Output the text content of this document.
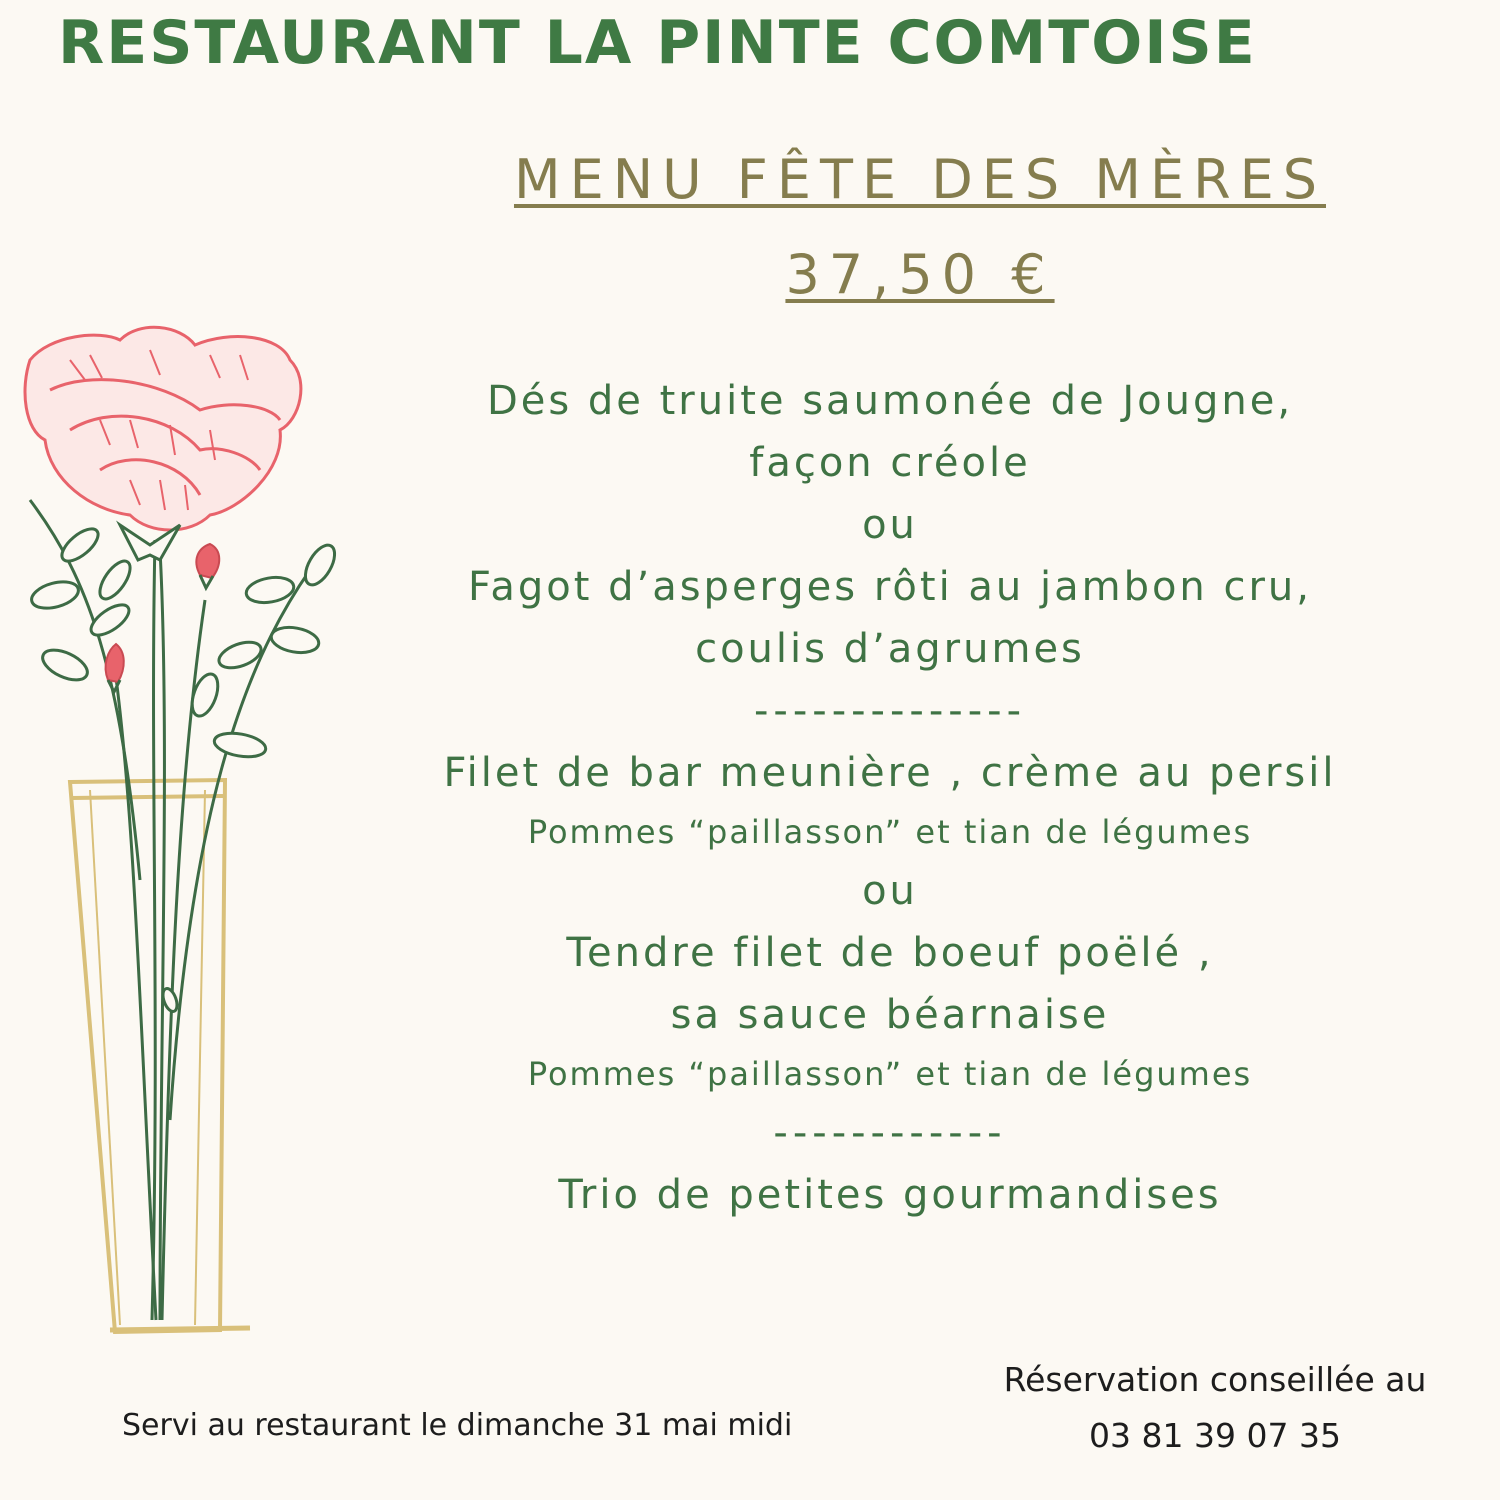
RESTAURANT LA PINTE COMTOISE
MENU FÊTE DES MÈRES
37,50 €
Dés de truite saumonée de Jougne,
façon créole
ou
Fagot d’asperges rôti au jambon cru,
coulis d’agrumes
--------------
Filet de bar meunière , crème au persil
Pommes “paillasson” et tian de légumes
ou
Tendre filet de boeuf poëlé ,
sa sauce béarnaise
Pommes “paillasson” et tian de légumes
------------
Trio de petites gourmandises
Servi au restaurant le dimanche 31 mai midi
Réservation conseillée au
03 81 39 07 35
